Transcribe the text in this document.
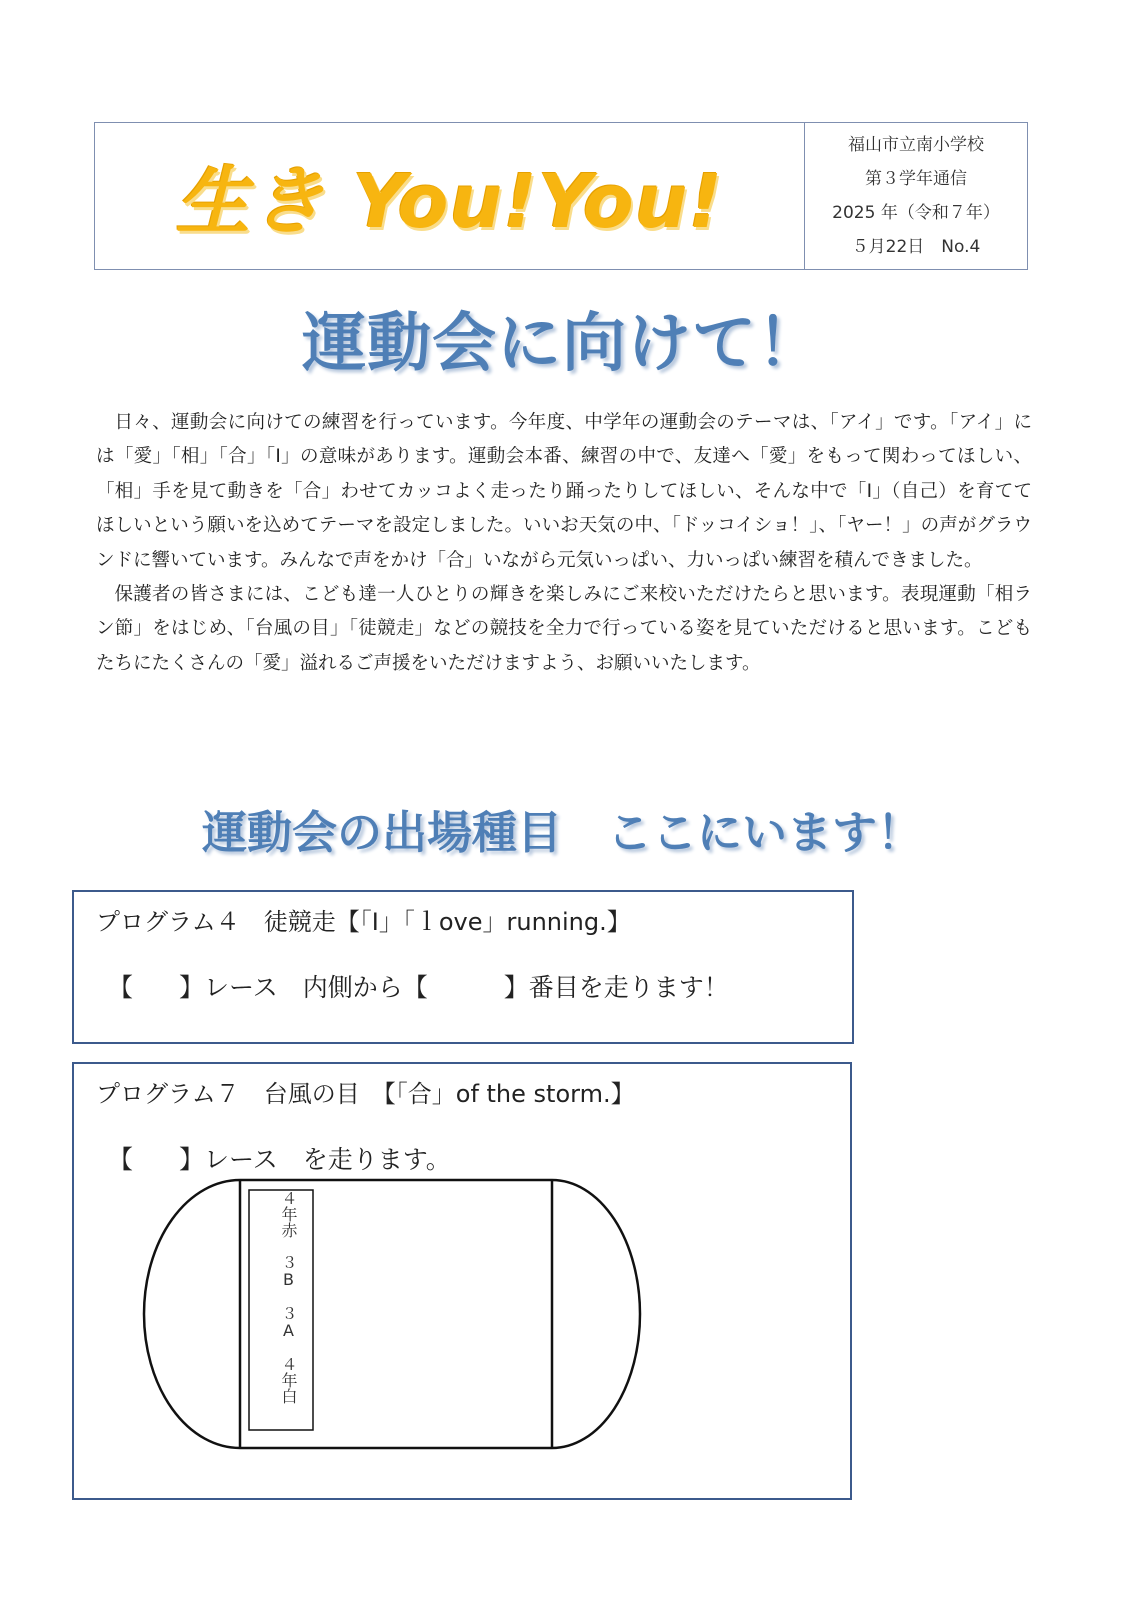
生き You!You!
福山市立南小学校
第３学年通信
2025 年（令和７年）
５月22日　No.4
運動会に向けて！

日々、運動会に向けての練習を行っています。今年度、中学年の運動会のテーマは、「アイ」です。「アイ」には「愛」「相」「合」「I」の意味があります。運動会本番、練習の中で、友達へ「愛」をもって関わってほしい、「相」手を見て動きを「合」わせてカッコよく走ったり踊ったりしてほしい、そんな中で「I」（自己）を育ててほしいという願いを込めてテーマを設定しました。いいお天気の中、「ドッコイショ！」、「ヤー！」の声がグラウンドに響いています。みんなで声をかけ「合」いながら元気いっぱい、力いっぱい練習を積んできました。

保護者の皆さまには、こども達一人ひとりの輝きを楽しみにご来校いただけたらと思います。表現運動「相ラン節」をはじめ、「台風の目」「徒競走」などの競技を全力で行っている姿を見ていただけると思います。こどもたちにたくさんの「愛」溢れるご声援をいただけますよう、お願いいたします。

運動会の出場種目　ここにいます！
プログラム４　徒競走【「I」「ｌove」running.】
【 】レース　内側から【	】番目を走ります！
プログラム７　台風の目　【「合」of the storm.】
【 】レース　を走ります。
４年赤　３B　３A　４年白
